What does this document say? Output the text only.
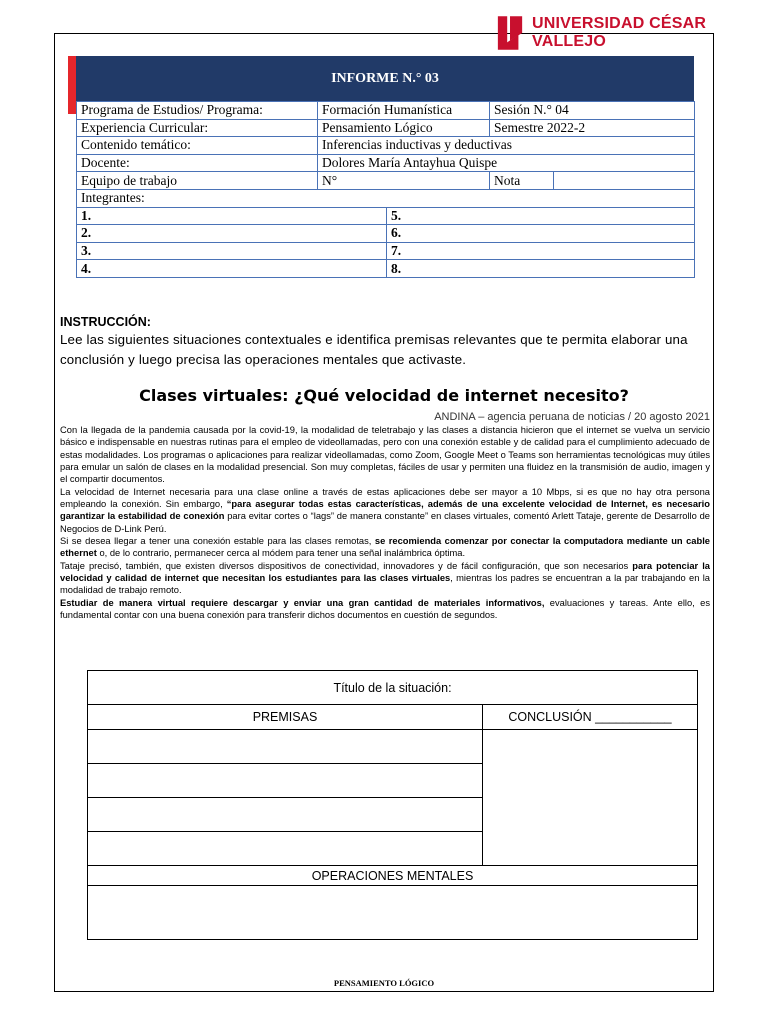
UNIVERSIDAD CÉSAR VALLEJO
INFORME N.° 03
Programa de Estudios/ Programa:	Formación Humanística		Sesión N.° 04	
Experiencia Curricular:	Pensamiento Lógico		Semestre 2022-2	
Contenido temático:	Inferencias inductivas y deductivas			
Docente:	Dolores María Antayhua Quispe			
Equipo de trabajo	N°		Nota	
Integrantes:				
1.		5.		
2.		6.		
3.		7.		
4.		8.		
INSTRUCCIÓN:
Lee las siguientes situaciones contextuales e identifica premisas relevantes que te permita elaborar una conclusión y luego precisa las operaciones mentales que activaste.
Clases virtuales: ¿Qué velocidad de internet necesito?
ANDINA – agencia peruana de noticias / 20 agosto 2021

Con la llegada de la pandemia causada por la covid-19, la modalidad de teletrabajo y las clases a distancia hicieron que el internet se vuelva un servicio básico e indispensable en nuestras rutinas para el empleo de videollamadas, pero con una conexión estable y de calidad para el cumplimiento adecuado de estas modalidades. Los programas o aplicaciones para realizar videollamadas, como Zoom, Google Meet o Teams son herramientas tecnológicas muy útiles para emular un salón de clases en la modalidad presencial. Son muy completas, fáciles de usar y permiten una fluidez en la transmisión de audio, imagen y el compartir documentos.

La velocidad de Internet necesaria para una clase online a través de estas aplicaciones debe ser mayor a 10 Mbps, si es que no hay otra persona empleando la conexión. Sin embargo, “para asegurar todas estas características, además de una excelente velocidad de Internet, es necesario garantizar la estabilidad de conexión para evitar cortes o “lags” de manera constante” en clases virtuales, comentó Arlett Tataje, gerente de Desarrollo de Negocios de D-Link Perú.

Si se desea llegar a tener una conexión estable para las clases remotas, se recomienda comenzar por conectar la computadora mediante un cable ethernet o, de lo contrario, permanecer cerca al módem para tener una señal inalámbrica óptima.

Tataje precisó, también, que existen diversos dispositivos de conectividad, innovadores y de fácil configuración, que son necesarios para potenciar la velocidad y calidad de internet que necesitan los estudiantes para las clases virtuales, mientras los padres se encuentran a la par trabajando en la modalidad de trabajo remoto.

Estudiar de manera virtual requiere descargar y enviar una gran cantidad de materiales informativos, evaluaciones y tareas. Ante ello, es fundamental contar con una buena conexión para transferir dichos documentos en cuestión de segundos.

Título de la situación:	
PREMISAS	CONCLUSIÓN ___________

OPERACIONES MENTALES	

PENSAMIENTO LÓGICO
